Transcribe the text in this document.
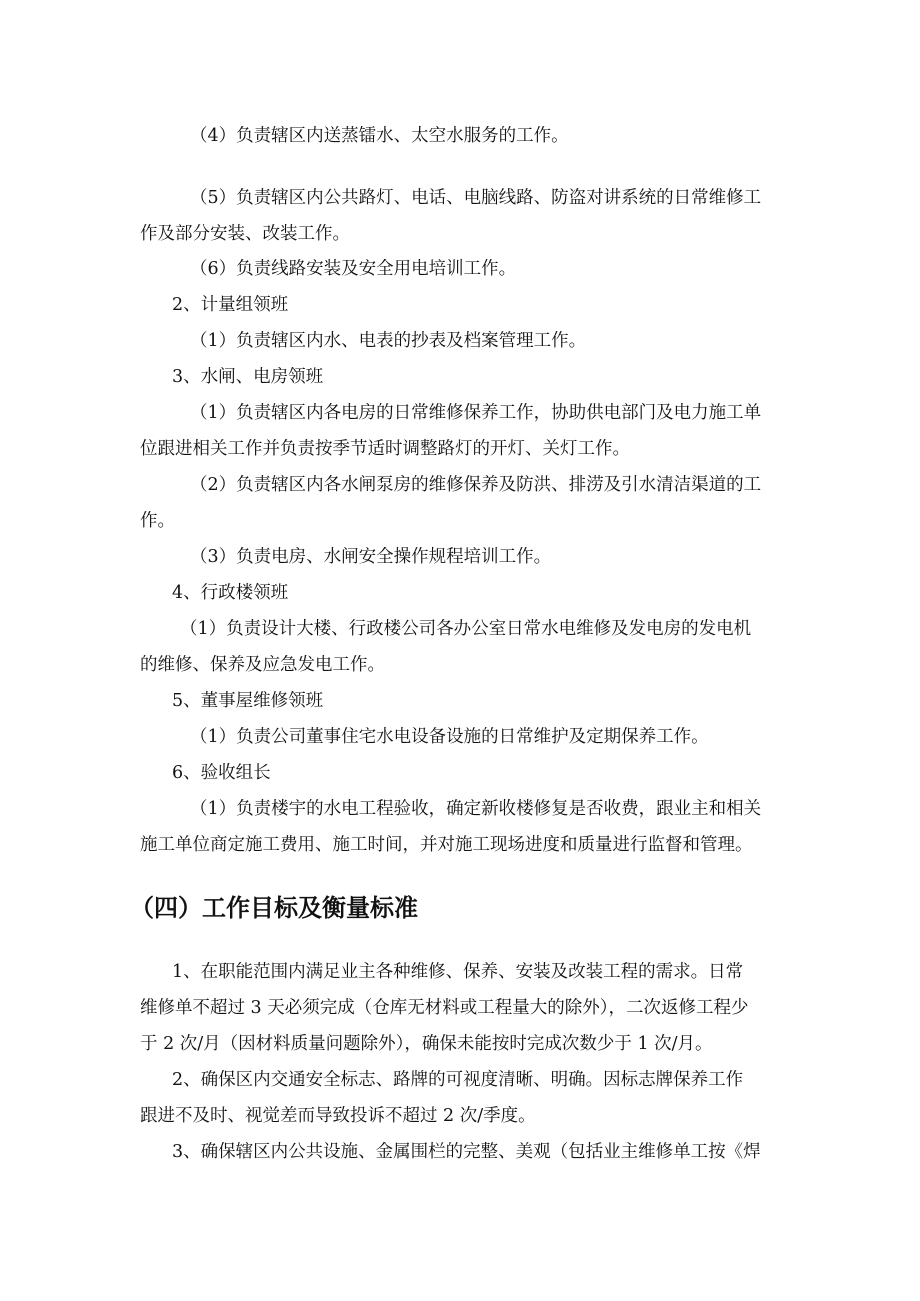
（4）负责辖区内送蒸镭水、太空水服务的工作。
（5）负责辖区内公共路灯、电话、电脑线路、防盗对讲系统的日常维修工
作及部分安装、改装工作。
（6）负责线路安装及安全用电培训工作。
2、计量组领班
（1）负责辖区内水、电表的抄表及档案管理工作。
3、水闸、电房领班
（1）负责辖区内各电房的日常维修保养工作，协助供电部门及电力施工单
位跟进相关工作并负责按季节适时调整路灯的开灯、关灯工作。
（2）负责辖区内各水闸泵房的维修保养及防洪、排涝及引水清洁渠道的工
作。
（3）负责电房、水闸安全操作规程培训工作。
4、行政楼领班
（1）负责设计大楼、行政楼公司各办公室日常水电维修及发电房的发电机
的维修、保养及应急发电工作。
5、董事屋维修领班
（1）负责公司董事住宅水电设备设施的日常维护及定期保养工作。
6、验收组长
（1）负责楼宇的水电工程验收，确定新收楼修复是否收费，跟业主和相关
施工单位商定施工费用、施工时间，并对施工现场进度和质量进行监督和管理。
（四）工作目标及衡量标准
1、在职能范围内满足业主各种维修、保养、安装及改装工程的需求。日常
维修单不超过 3 天必须完成（仓库无材料或工程量大的除外），二次返修工程少
于 2 次/月（因材料质量问题除外），确保未能按时完成次数少于 1 次/月。
2、确保区内交通安全标志、路牌的可视度清晰、明确。因标志牌保养工作
跟进不及时、视觉差而导致投诉不超过 2 次/季度。
3、确保辖区内公共设施、金属围栏的完整、美观（包括业主维修单工按《焊
